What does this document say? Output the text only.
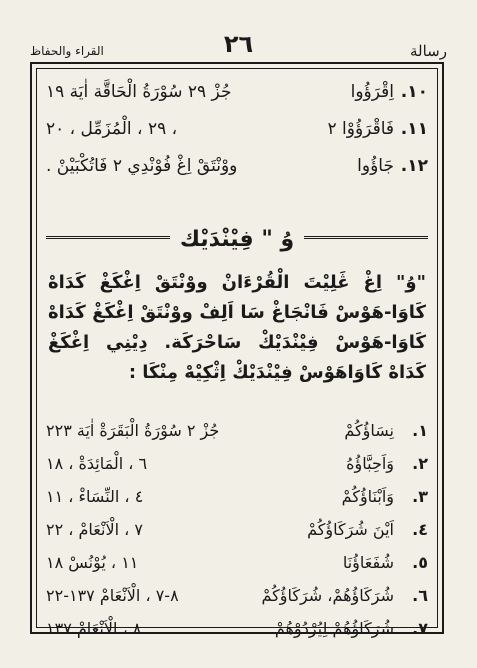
رسالة
٢٦
القراء والحفاظ
١٠.
اِقْرَؤُوا
جُزْ ٢٩ سُوْرَةُ الْحَاقَّة اٰيَة ١٩
١١.
فَاقْرَؤُوْا ٢
، ٢٩ ، الْمُزَمِّل ، ٢٠
١٢.
جَاؤُوا
ووْنْتَقْ اِغْ فُوْنْدِي ٢ فَاتُكْبَيْنْ .
وُ " فِيْنْدَيْك
"وُ" اِغْ ڠَلِيْتَ الْقُرْءَانْ ووْنْتَقْ اِغْكَغْ كَدَاهْ كَاوَا-هَوْسْ فَانْجَاغْ سَا اَلِفْ ووْنْتَقْ اِغْكَغْ كَدَاهْ كَاوَا-هَوْسْ فِيْنْدَيْكْ سَاحْرَكَة. دِيْنِي اِغْكَغْ كَدَاهْ كَاوَاهَوْسْ فِيْنْدَيْكْ اِثْكِيْهْ مِنْكَا :
١.
نِسَاؤُكُمْ
جُزْ ٢ سُوْرَةُ الْبَقَرَةْ اٰيَة ٢٢٣
٢.
وَاَحِبَّاؤُهُ
٦ ، الْمَائِدَةْ ، ١٨
٣.
وَاَبْنَاؤُكُمْ
٤ ، النِّسَاءْ ، ١١
٤.
اَيْنَ شُرَكَاؤُكُمْ
٧ ، الْاَنْعَامْ ، ٢٢
٥.
شُفَعَاؤُنَا
١١ ، يُوْنُسْ ١٨
٦.
شُرَكَاؤُهُمْ، شُرَكَاؤُكُمْ
٨-٧ ، الْاَنْعَامْ ١٣٧-٢٢
٧.
شُرَكَاؤُهُمْ لِيُرْدُوْهُمْ
٨ ، الْاَنْعَامْ ١٣٧
